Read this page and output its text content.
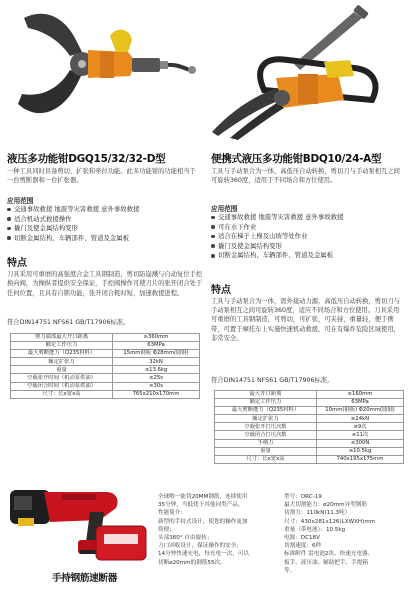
液压多功能钳DGQ15/32/32-D型
一种工具同时具备剪切、扩张和牵拉功能。此多功能钳的功能相当于一台剪断器和一台扩张器。
应用范围
交通事故救援 地震等灾害救援 意外事故救援
适合机动式救援操作
撬门及使金属结构变形
切断金属结构、车辆部件、管道及金属板
特点
刀具采用可重磨的高强度合金工具钢制造，剪切防崩溅与自动复位手控换向阀，为操纵者提供安全保证，手控阀操作可使刀片的张开闭合处于任何位置，且具有自锁功能，张开闭合耗时短，加速救援进程。
符合DIN14751 NFS61 GB/T17906标准。
剪刀端部最大开口距离	≥360mm
额定工作压力	63MPa
最大剪断能力（Q235材料）	15mm钢板 Φ28mm(圆钢)
额定扩张力	32kN
重量	≤13.6kg
空载张开时间（机动泵供油）	≤25s
空载闭合时间（机动泵供油）	≤30s
尺寸：长x宽x高	765x210x170mm
便携式液压多功能钳BDQ10/24-A型
工具与手动泵合为一体，高低压自动转换，剪切刀与手动泵相互之间可旋转360度，适用于不同场合和方位使用。
应用范围
交通事故救援 地震等灾害救援 意外事故救援
可在水下作业
适合在梯子上操及山坡等处作业
撬门及使金属结构变形
切断金属结构、车辆部件、管道及金属板
特点
工具与手动泵合为一体，需外接动力源，高低压自动转换，剪切刀与手动泵相互之间可旋转360度，适应不同场合和方位使用。刀具采用可重磨的工具钢制造，可剪切，可扩张，可夹持，重量轻，便于携带，可置于摩托车上实施快速机动救援，可在有爆炸危险区域使用，非常安全。
符合DIN14751 NFS61 GB/T17906标准。
最大开口距离	≥160mm
额定工作压力	63MPa
最大剪断能力（Q235材料）	10mm(钢板) Φ20mm(圆钢)
额定扩张力	≥24kN
空载张开打压次数	≤9次
空载闭合打压次数	≤11次
手柄力	≤300N
重量	≤10.5kg
尺寸：长x宽x高	740x195x175mm
手持钢筋速断器
全球唯一能切20MM钢筋，连续使用
35分钟，当低忧于其他同类产品。
性能简介：
新型的手持式设计，使您的操作更加
简便；
头部360° 自由旋转；
刀口回收设计，保证操作的安全；
14分钟快速充电，每充电一次，可以
切断ø20mm的钢筋55次。
型号：ORC-19
最大切割能力：ø20mm异型钢筋
切割力：110kN(11.3吨）
尺寸：430x281x126(LXWXH)mm
重量（带电池）：10.5kg
电源：DC18V
切割速度：6秒
标准附件 雷电池2块、快速充电器、
扳手、液压油、辅助把手、手提箱
等。
